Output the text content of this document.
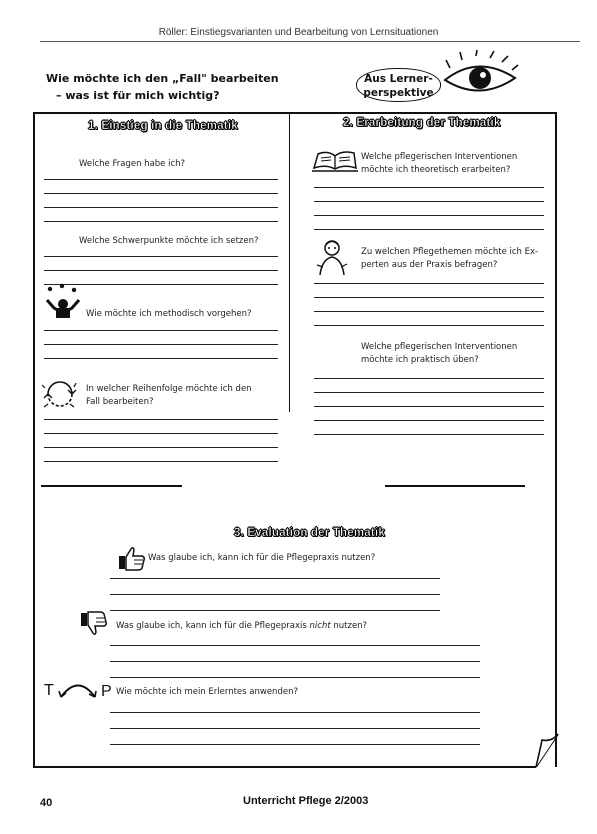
Röller: Einstiegsvarianten und Bearbeitung von Lernsituationen
Wie möchte ich den „Fall" bearbeiten
– was ist für mich wichtig?
Aus Lerner-
perspektive
1. Einstieg in die Thematik
Welche Fragen habe ich?
Welche Schwerpunkte möchte ich setzen?
Wie möchte ich methodisch vorgehen?
In welcher Reihenfolge möchte ich den
Fall bearbeiten?
2. Erarbeitung der Thematik
Welche pflegerischen Interventionen
möchte ich theoretisch erarbeiten?
Zu welchen Pflegethemen möchte ich Ex-
perten aus der Praxis befragen?
Welche pflegerischen Interventionen
möchte ich praktisch üben?
3. Evaluation der Thematik
Was glaube ich, kann ich für die Pflegepraxis nutzen?
Was glaube ich, kann ich für die Pflegepraxis nicht nutzen?
T	P Wie möchte ich mein Erlerntes anwenden?
40	Unterricht Pflege 2/2003
